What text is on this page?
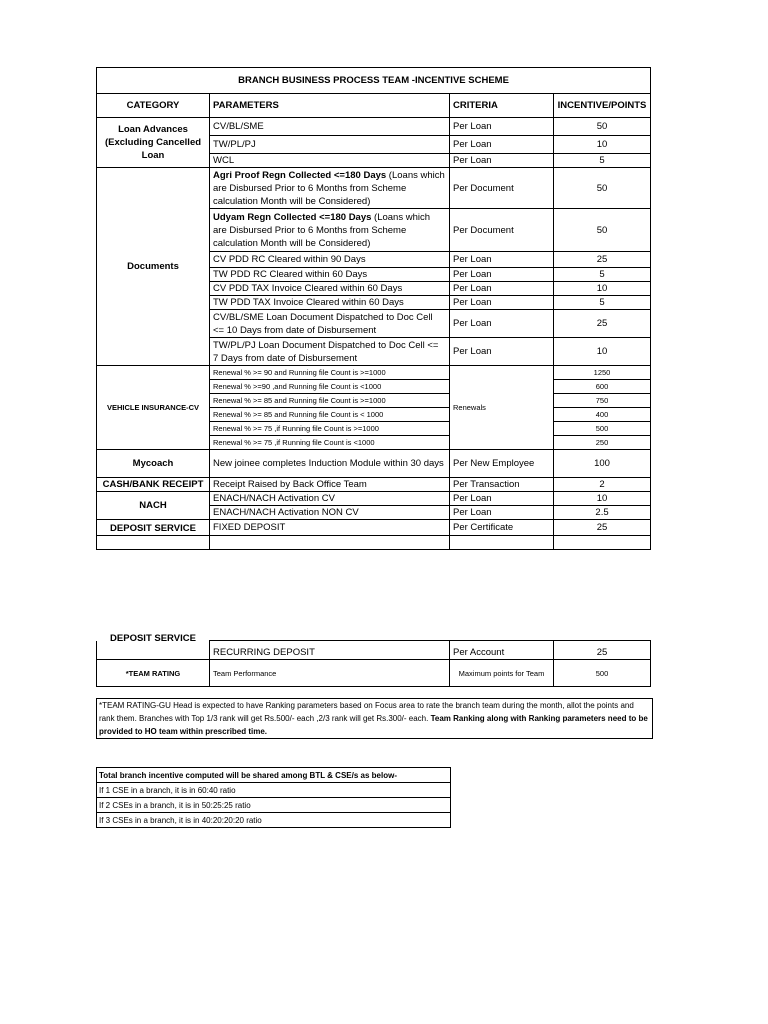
BRANCH BUSINESS PROCESS TEAM -INCENTIVE SCHEME			
CATEGORY	PARAMETERS	CRITERIA	INCENTIVE/POINTS
Loan Advances (Excluding Cancelled Loan	CV/BL/SME	Per Loan	50
	TW/PL/PJ	Per Loan	10
	WCL	Per Loan	5
Documents	Agri Proof Regn Collected <=180 Days (Loans which are Disbursed Prior to 6 Months from Scheme calculation Month will be Considered)	Per Document	50
	Udyam Regn Collected <=180 Days (Loans which are Disbursed Prior to 6 Months from Scheme calculation Month will be Considered)	Per Document	50
	CV PDD RC Cleared within 90 Days	Per Loan	25
	TW PDD RC Cleared within 60 Days	Per Loan	5
	CV PDD TAX Invoice Cleared within 60 Days	Per Loan	10
	TW PDD TAX Invoice Cleared within 60 Days	Per Loan	5
	CV/BL/SME Loan Document Dispatched to Doc Cell <= 10 Days from date of Disbursement	Per Loan	25
	TW/PL/PJ Loan Document Dispatched to Doc Cell <= 7 Days from date of Disbursement	Per Loan	10
VEHICLE INSURANCE-CV	Renewal % >= 90 and Running file Count is >=1000	Renewals	1250
	Renewal % >=90 ,and Running file Count is <1000		600
	Renewal % >= 85 and Running file Count is >=1000		750
	Renewal % >= 85 and Running file Count is < 1000		400
	Renewal % >= 75 ,if Running file Count is >=1000		500
	Renewal % >= 75 ,if Running file Count is <1000		250
Mycoach	New joinee completes Induction Module within 30 days	Per New Employee	100
CASH/BANK RECEIPT	Receipt Raised by Back Office Team	Per Transaction	2
NACH	ENACH/NACH Activation CV	Per Loan	10
	ENACH/NACH Activation NON CV	Per Loan	2.5
DEPOSIT SERVICE	FIXED DEPOSIT	Per Certificate	25

DEPOSIT SERVICE	RECURRING DEPOSIT	Per Account	25
*TEAM RATING	Team Performance	Maximum points for Team	500
*TEAM RATING-GU Head is expected to have Ranking parameters based on Focus area to rate the branch team during the month, allot the points and rank them. Branches with Top 1/3 rank will get Rs.500/- each ,2/3 rank will get Rs.300/- each. Team Ranking along with Ranking parameters need to be provided to HO team within prescribed time.
Total branch incentive computed will be shared among BTL & CSE/s as below-
If 1 CSE in a branch, it is in 60:40 ratio
If 2 CSEs in a branch, it is in 50:25:25 ratio
If 3 CSEs in a branch, it is in 40:20:20:20 ratio
